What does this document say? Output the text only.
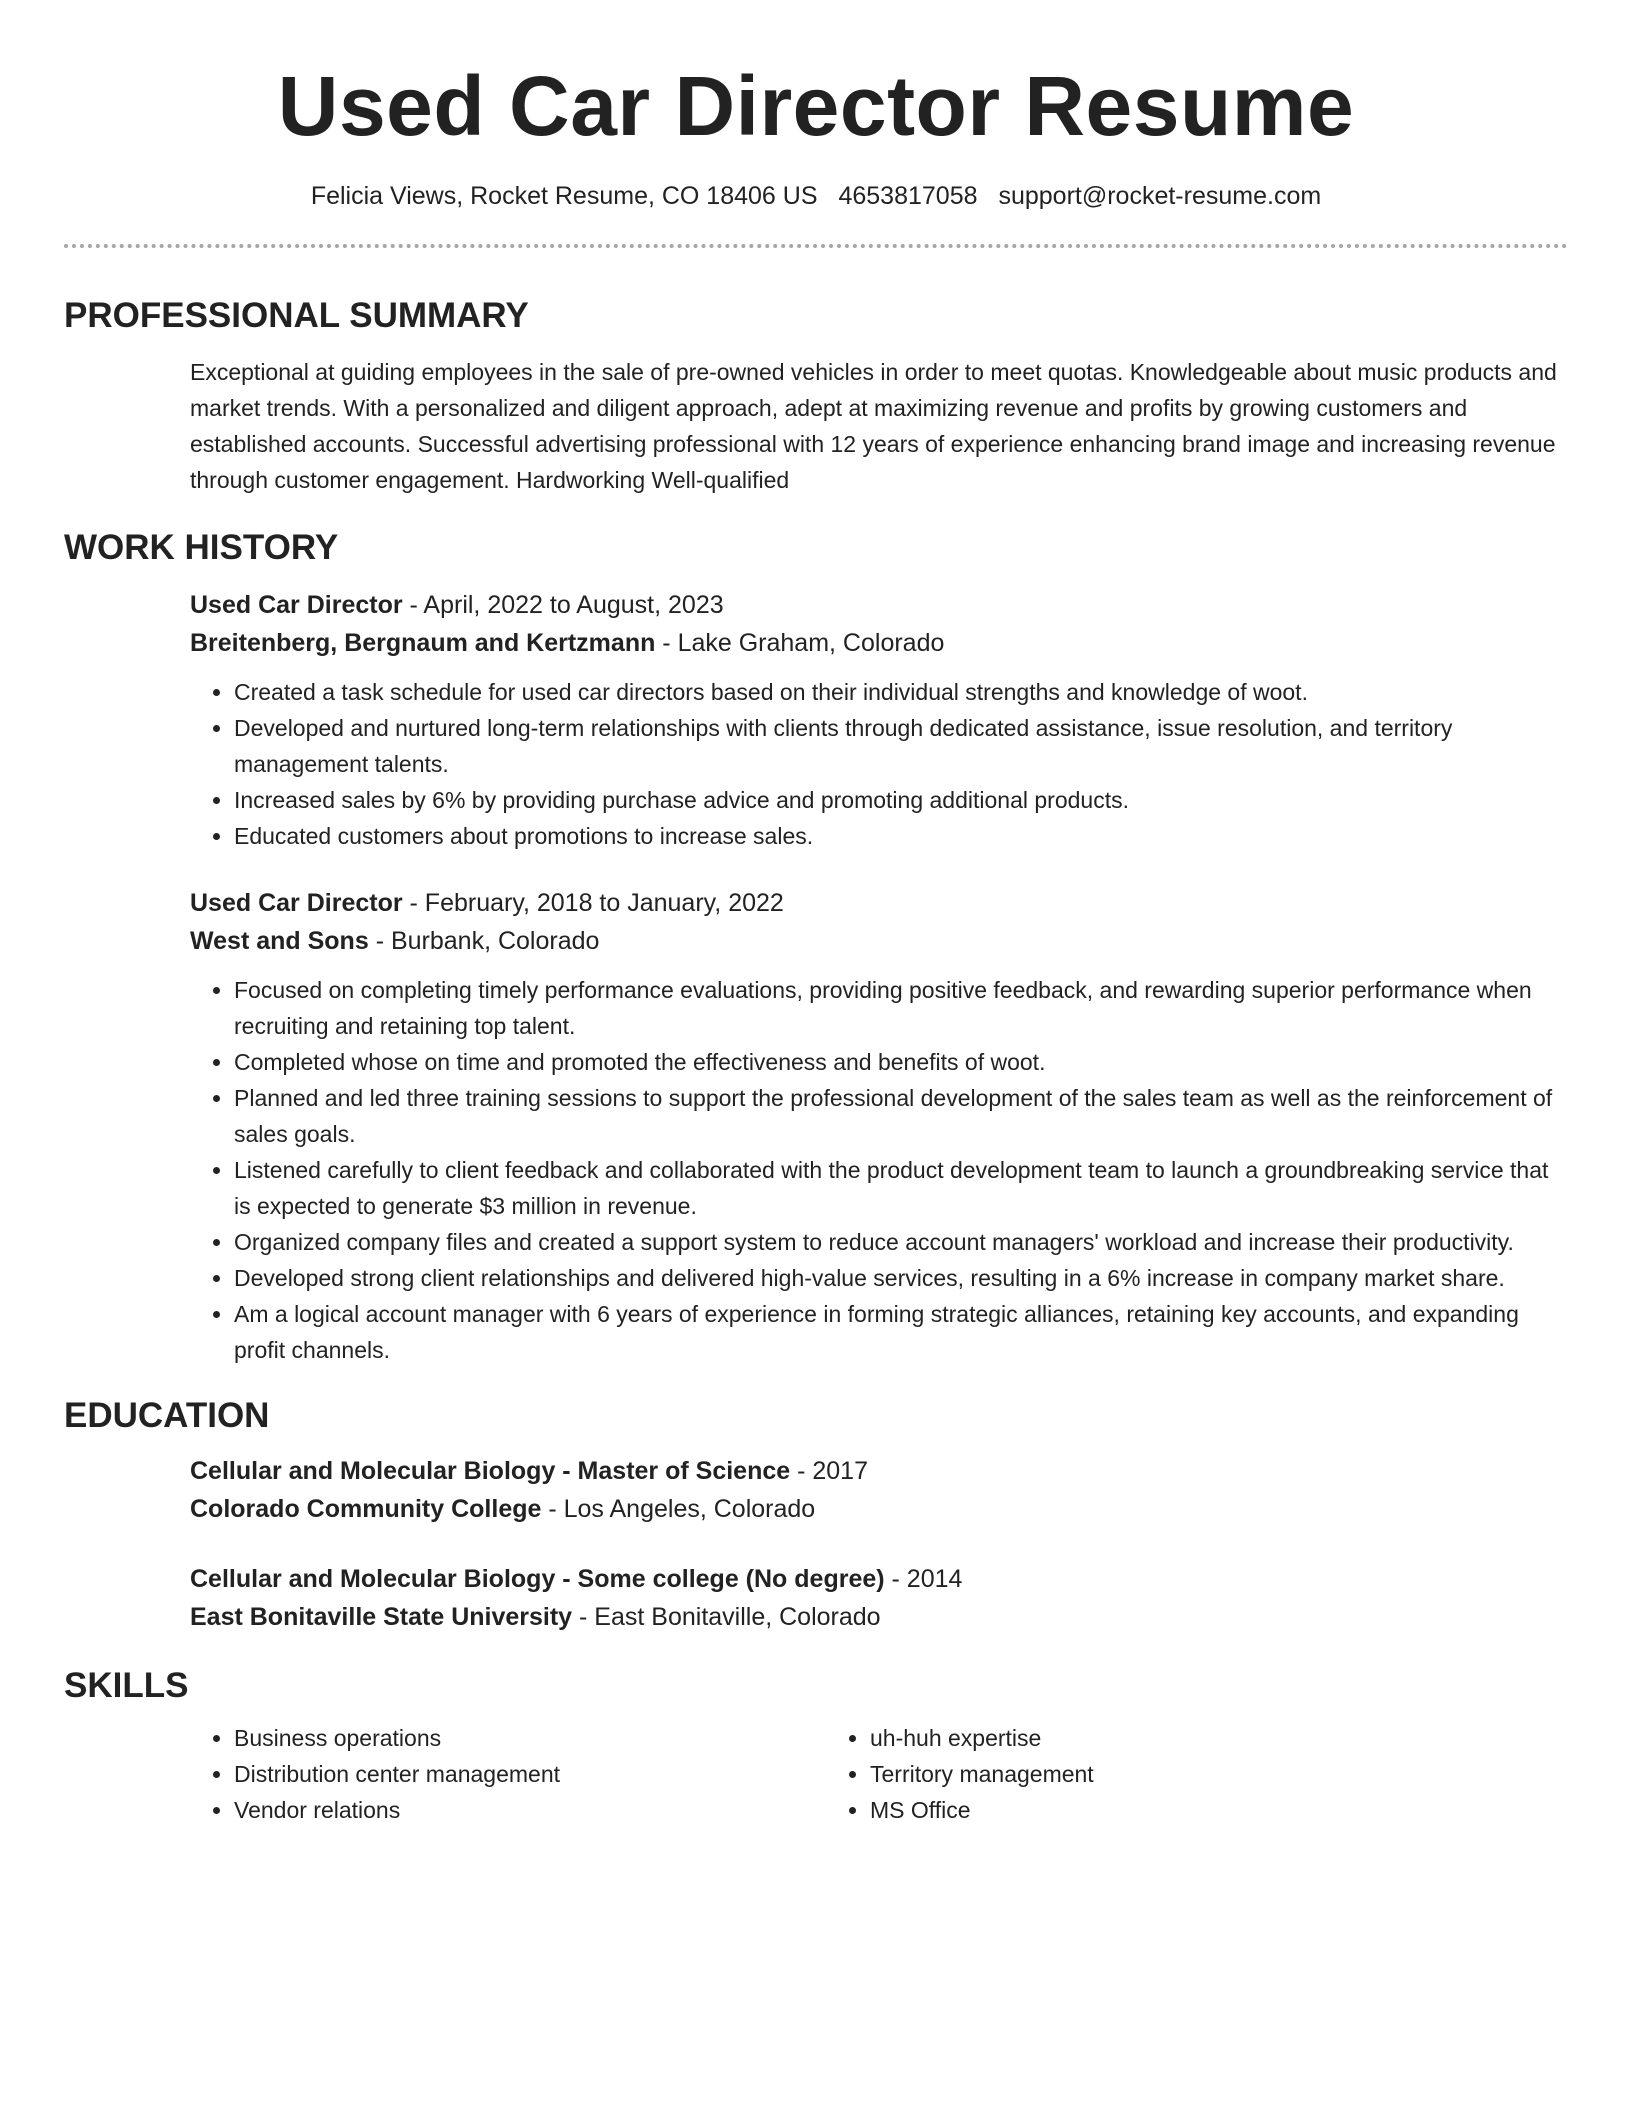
Used Car Director Resume
Felicia Views, Rocket Resume, CO 18406 US 4653817058 support@rocket-resume.com
PROFESSIONAL SUMMARY

Exceptional at guiding employees in the sale of pre-owned vehicles in order to meet quotas. Knowledgeable about music products and market trends. With a personalized and diligent approach, adept at maximizing revenue and profits by growing customers and established accounts. Successful advertising professional with 12 years of experience enhancing brand image and increasing revenue through customer engagement. Hardworking Well-qualified

WORK HISTORY
Used Car Director - April, 2022 to August, 2023
Breitenberg, Bergnaum and Kertzmann - Lake Graham, Colorado
• Created a task schedule for used car directors based on their individual strengths and knowledge of woot.
• Developed and nurtured long-term relationships with clients through dedicated assistance, issue resolution, and territory management talents.
• Increased sales by 6% by providing purchase advice and promoting additional products.
• Educated customers about promotions to increase sales.
Used Car Director - February, 2018 to January, 2022
West and Sons - Burbank, Colorado
• Focused on completing timely performance evaluations, providing positive feedback, and rewarding superior performance when recruiting and retaining top talent.
• Completed whose on time and promoted the effectiveness and benefits of woot.
• Planned and led three training sessions to support the professional development of the sales team as well as the reinforcement of sales goals.
• Listened carefully to client feedback and collaborated with the product development team to launch a groundbreaking service that is expected to generate $3 million in revenue.
• Organized company files and created a support system to reduce account managers' workload and increase their productivity.
• Developed strong client relationships and delivered high-value services, resulting in a 6% increase in company market share.
• Am a logical account manager with 6 years of experience in forming strategic alliances, retaining key accounts, and expanding profit channels.
EDUCATION
Cellular and Molecular Biology - Master of Science - 2017
Colorado Community College - Los Angeles, Colorado
Cellular and Molecular Biology - Some college (No degree) - 2014
East Bonitaville State University - East Bonitaville, Colorado
SKILLS
• Business operations
• Distribution center management
• Vendor relations
• uh-huh expertise
• Territory management
• MS Office
